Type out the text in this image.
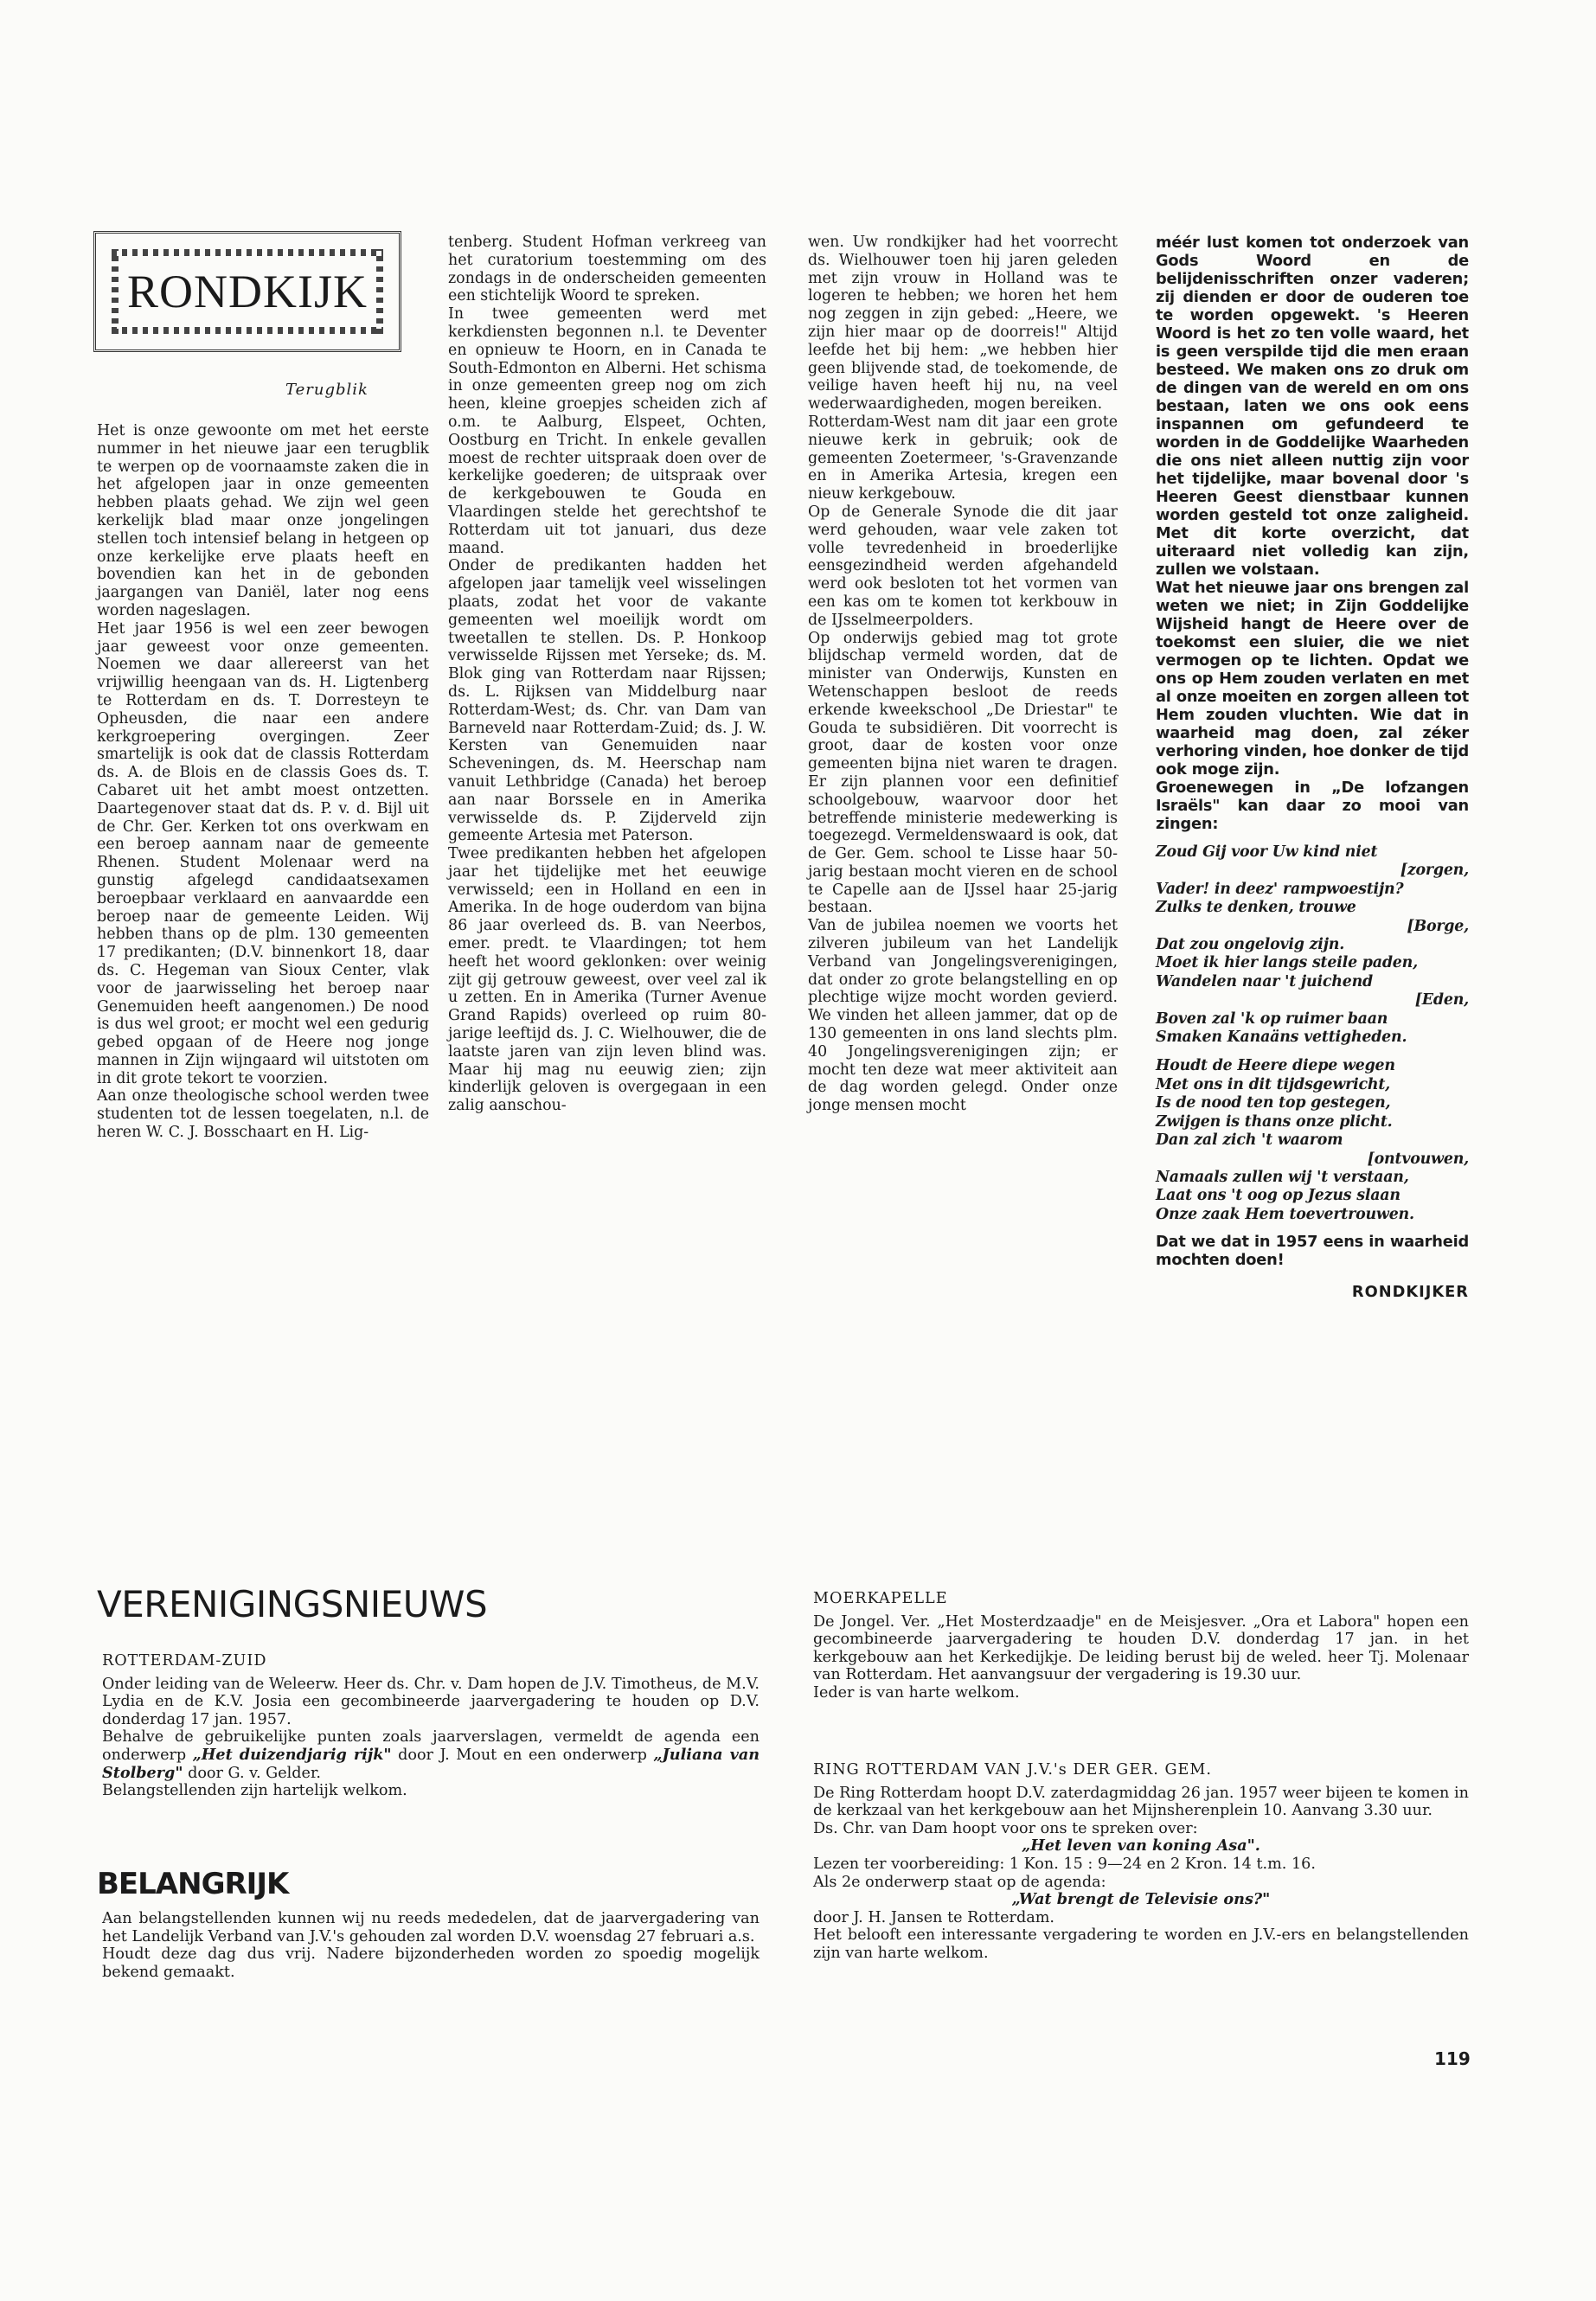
RONDKIJK
Terugblik

Het is onze gewoonte om met het eerste nummer in het nieuwe jaar een terugblik te werpen op de voornaamste zaken die in het afgelopen jaar in onze gemeenten hebben plaats gehad. We zijn wel geen kerkelijk blad maar onze jongelingen stellen toch intensief belang in hetgeen op onze kerkelijke erve plaats heeft en bovendien kan het in de gebonden jaargangen van Daniël, later nog eens worden nageslagen.

Het jaar 1956 is wel een zeer bewogen jaar geweest voor onze gemeenten. Noemen we daar allereerst van het vrijwillig heengaan van ds. H. Ligtenberg te Rotterdam en ds. T. Dorresteyn te Opheusden, die naar een andere kerkgroepering overgingen. Zeer smartelijk is ook dat de classis Rotterdam ds. A. de Blois en de classis Goes ds. T. Cabaret uit het ambt moest ontzetten. Daartegenover staat dat ds. P. v. d. Bijl uit de Chr. Ger. Kerken tot ons overkwam en een beroep aannam naar de gemeente Rhenen. Student Molenaar werd na gunstig afgelegd candidaatsexamen beroepbaar verklaard en aanvaardde een beroep naar de gemeente Leiden. Wij hebben thans op de plm. 130 gemeenten 17 predikanten; (D.V. binnenkort 18, daar ds. C. Hegeman van Sioux Center, vlak voor de jaarwisseling het beroep naar Genemuiden heeft aangenomen.) De nood is dus wel groot; er mocht wel een gedurig gebed opgaan of de Heere nog jonge mannen in Zijn wijngaard wil uitstoten om in dit grote tekort te voorzien.

Aan onze theologische school werden twee studenten tot de lessen toegelaten, n.l. de heren W. C. J. Bosschaart en H. Lig-

tenberg. Student Hofman verkreeg van het curatorium toestemming om des zondags in de onderscheiden gemeenten een stichtelijk Woord te spreken.

In twee gemeenten werd met kerkdiensten begonnen n.l. te Deventer en opnieuw te Hoorn, en in Canada te South-Edmonton en Alberni. Het schisma in onze gemeenten greep nog om zich heen, kleine groepjes scheiden zich af o.m. te Aalburg, Elspeet, Ochten, Oostburg en Tricht. In enkele gevallen moest de rechter uitspraak doen over de kerkelijke goederen; de uitspraak over de kerkgebouwen te Gouda en Vlaardingen stelde het gerechtshof te Rotterdam uit tot januari, dus deze maand.

Onder de predikanten hadden het afgelopen jaar tamelijk veel wisselingen plaats, zodat het voor de vakante gemeenten wel moeilijk wordt om tweetallen te stellen. Ds. P. Honkoop verwisselde Rijssen met Yerseke; ds. M. Blok ging van Rotterdam naar Rijssen; ds. L. Rijksen van Middelburg naar Rotterdam-West; ds. Chr. van Dam van Barneveld naar Rotterdam-Zuid; ds. J. W. Kersten van Genemuiden naar Scheveningen, ds. M. Heerschap nam vanuit Lethbridge (Canada) het beroep aan naar Borssele en in Amerika verwisselde ds. P. Zijderveld zijn gemeente Artesia met Paterson.

Twee predikanten hebben het afgelopen jaar het tijdelijke met het eeuwige verwisseld; een in Holland en een in Amerika. In de hoge ouderdom van bijna 86 jaar overleed ds. B. van Neerbos, emer. predt. te Vlaardingen; tot hem heeft het woord geklonken: over weinig zijt gij getrouw geweest, over veel zal ik u zetten. En in Amerika (Turner Avenue Grand Rapids) overleed op ruim 80-jarige leeftijd ds. J. C. Wielhouwer, die de laatste jaren van zijn leven blind was. Maar hij mag nu eeuwig zien; zijn kinderlijk geloven is overgegaan in een zalig aanschou-

wen. Uw rondkijker had het voorrecht ds. Wielhouwer toen hij jaren geleden met zijn vrouw in Holland was te logeren te hebben; we horen het hem nog zeggen in zijn gebed: „Heere, we zijn hier maar op de doorreis!" Altijd leefde het bij hem: „we hebben hier geen blijvende stad, de toekomende, de veilige haven heeft hij nu, na veel wederwaardigheden, mogen bereiken.

Rotterdam-West nam dit jaar een grote nieuwe kerk in gebruik; ook de gemeenten Zoetermeer, 's-Gravenzande en in Amerika Artesia, kregen een nieuw kerkgebouw.

Op de Generale Synode die dit jaar werd gehouden, waar vele zaken tot volle tevredenheid in broederlijke eensgezindheid werden afgehandeld werd ook besloten tot het vormen van een kas om te komen tot kerkbouw in de IJsselmeerpolders.

Op onderwijs gebied mag tot grote blijdschap vermeld worden, dat de minister van Onderwijs, Kunsten en Wetenschappen besloot de reeds erkende kweekschool „De Driestar" te Gouda te subsidiëren. Dit voorrecht is groot, daar de kosten voor onze gemeenten bijna niet waren te dragen. Er zijn plannen voor een definitief schoolgebouw, waarvoor door het betreffende ministerie medewerking is toegezegd. Vermeldenswaard is ook, dat de Ger. Gem. school te Lisse haar 50-jarig bestaan mocht vieren en de school te Capelle aan de IJssel haar 25-jarig bestaan.

Van de jubilea noemen we voorts het zilveren jubileum van het Landelijk Verband van Jongelingsverenigingen, dat onder zo grote belangstelling en op plechtige wijze mocht worden gevierd. We vinden het alleen jammer, dat op de 130 gemeenten in ons land slechts plm. 40 Jongelingsverenigingen zijn; er mocht ten deze wat meer aktiviteit aan de dag worden gelegd. Onder onze jonge mensen mocht

méér lust komen tot onderzoek van Gods Woord en de belijdenisschriften onzer vaderen; zij dienden er door de ouderen toe te worden opgewekt. 's Heeren Woord is het zo ten volle waard, het is geen verspilde tijd die men eraan besteed. We maken ons zo druk om de dingen van de wereld en om ons bestaan, laten we ons ook eens inspannen om gefundeerd te worden in de Goddelijke Waarheden die ons niet alleen nuttig zijn voor het tijdelijke, maar bovenal door 's Heeren Geest dienstbaar kunnen worden gesteld tot onze zaligheid. Met dit korte overzicht, dat uiteraard niet volledig kan zijn, zullen we volstaan.

Wat het nieuwe jaar ons brengen zal weten we niet; in Zijn Goddelijke Wijsheid hangt de Heere over de toekomst een sluier, die we niet vermogen op te lichten. Opdat we ons op Hem zouden verlaten en met al onze moeiten en zorgen alleen tot Hem zouden vluchten. Wie dat in waarheid mag doen, zal zéker verhoring vinden, hoe donker de tijd ook moge zijn.

Groenewegen in „De lofzangen Israëls" kan daar zo mooi van zingen:

Zoud Gij voor Uw kind niet
[zorgen,
Vader! in deez' rampwoestijn?
Zulks te denken, trouwe
[Borge,
Dat zou ongelovig zijn.
Moet ik hier langs steile paden,
Wandelen naar 't juichend
[Eden,
Boven zal 'k op ruimer baan
Smaken Kanaäns vettigheden.
Houdt de Heere diepe wegen
Met ons in dit tijdsgewricht,
Is de nood ten top gestegen,
Zwijgen is thans onze plicht.
Dan zal zich 't waarom
[ontvouwen,
Namaals zullen wij 't verstaan,
Laat ons 't oog op Jezus slaan
Onze zaak Hem toevertrouwen.

Dat we dat in 1957 eens in waarheid mochten doen!

RONDKIJKER
VERENIGINGSNIEUWS
ROTTERDAM-ZUID

Onder leiding van de Weleerw. Heer ds. Chr. v. Dam hopen de J.V. Timotheus, de M.V. Lydia en de K.V. Josia een gecombineerde jaarvergadering te houden op D.V. donderdag 17 jan. 1957.

Behalve de gebruikelijke punten zoals jaarverslagen, vermeldt de agenda een onderwerp „Het duizendjarig rijk" door J. Mout en een onderwerp „Juliana van Stolberg" door G. v. Gelder.

Belangstellenden zijn hartelijk welkom.

BELANGRIJK

Aan belangstellenden kunnen wij nu reeds mededelen, dat de jaarvergadering van het Landelijk Verband van J.V.'s gehouden zal worden D.V. woensdag 27 februari a.s.

Houdt deze dag dus vrij. Nadere bijzonderheden worden zo spoedig mogelijk bekend gemaakt.

MOERKAPELLE

De Jongel. Ver. „Het Mosterdzaadje" en de Meisjesver. „Ora et Labora" hopen een gecombineerde jaarvergadering te houden D.V. donderdag 17 jan. in het kerkgebouw aan het Kerkedijkje. De leiding berust bij de weled. heer Tj. Molenaar van Rotterdam. Het aanvangsuur der vergadering is 19.30 uur.

Ieder is van harte welkom.

RING ROTTERDAM VAN J.V.'s DER GER. GEM.

De Ring Rotterdam hoopt D.V. zaterdagmiddag 26 jan. 1957 weer bijeen te komen in de kerkzaal van het kerkgebouw aan het Mijnsherenplein 10. Aanvang 3.30 uur.

Ds. Chr. van Dam hoopt voor ons te spreken over:

„Het leven van koning Asa".

Lezen ter voorbereiding: 1 Kon. 15 : 9—24 en 2 Kron. 14 t.m. 16.

Als 2e onderwerp staat op de agenda:

„Wat brengt de Televisie ons?"

door J. H. Jansen te Rotterdam.

Het belooft een interessante vergadering te worden en J.V.-ers en belangstellenden zijn van harte welkom.

119
